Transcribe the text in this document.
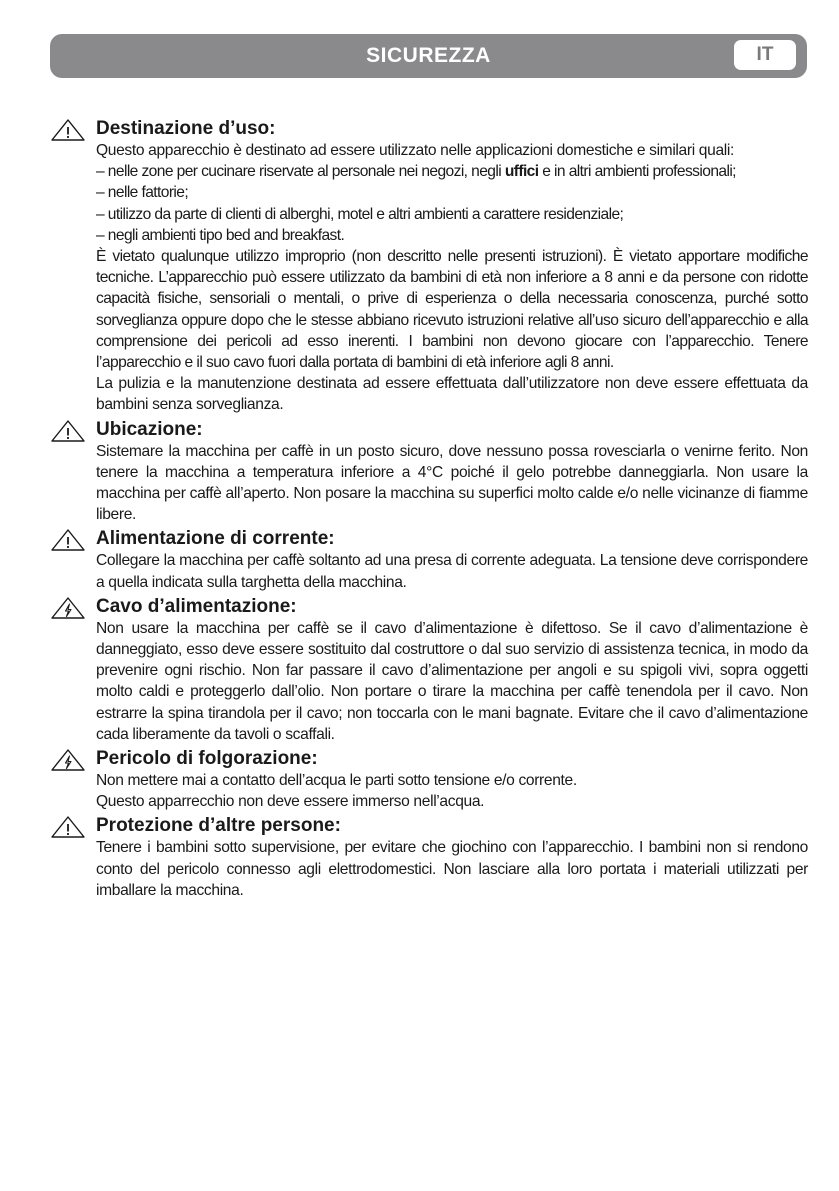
SICUREZZA	IT
Destinazione d’uso:

Questo apparecchio è destinato ad essere utilizzato nelle applicazioni domestiche e similari quali:

– nelle zone per cucinare riservate al personale nei negozi, negli uffici e in altri ambienti professionali;

– nelle fattorie;

– utilizzo da parte di clienti di alberghi, motel e altri ambienti a carattere residenziale;

– negli ambienti tipo bed and breakfast.

È vietato qualunque utilizzo improprio (non descritto nelle presenti istruzioni). È vietato apportare modifiche tecniche. L’apparecchio può essere utilizzato da bambini di età non inferiore a 8 anni e da persone con ridotte capacità fisiche, sensoriali o mentali, o prive di esperienza o della necessaria conoscenza, purché sotto sorveglianza oppure dopo che le stesse abbiano ricevuto istruzioni relative all’uso sicuro dell’apparecchio e alla comprensione dei pericoli ad esso inerenti. I bambini non devono giocare con l’apparecchio. Tenere l’apparecchio e il suo cavo fuori dalla portata di bambini di età inferiore agli 8 anni.

La pulizia e la manutenzione destinata ad essere effettuata dall’utilizzatore non deve essere effettuata da bambini senza sorveglianza.

Ubicazione:

Sistemare la macchina per caffè in un posto sicuro, dove nessuno possa rovesciarla o venirne ferito. Non tenere la macchina a temperatura inferiore a 4°C poiché il gelo potrebbe danneggiarla. Non usare la macchina per caffè all’aperto. Non posare la macchina su superfici molto calde e/o nelle vicinanze di fiamme libere.

Alimentazione di corrente:

Collegare la macchina per caffè soltanto ad una presa di corrente adeguata. La tensione deve corrispondere a quella indicata sulla targhetta della macchina.

Cavo d’alimentazione:

Non usare la macchina per caffè se il cavo d’alimentazione è difettoso. Se il cavo d’alimentazione è danneggiato, esso deve essere sostituito dal costruttore o dal suo servizio di assistenza tecnica, in modo da prevenire ogni rischio. Non far passare il cavo d’alimentazione per angoli e su spigoli vivi, sopra oggetti molto caldi e proteggerlo dall’olio. Non portare o tirare la macchina per caffè tenendola per il cavo. Non estrarre la spina tirandola per il cavo; non toccarla con le mani bagnate. Evitare che il cavo d’alimentazione cada liberamente da tavoli o scaffali.

Pericolo di folgorazione:

Non mettere mai a contatto dell’acqua le parti sotto tensione e/o corrente.

Questo apparrecchio non deve essere immerso nell’acqua.

Protezione d’altre persone:

Tenere i bambini sotto supervisione, per evitare che giochino con l’apparecchio. I bambini non si rendono conto del pericolo connesso agli elettrodomestici. Non lasciare alla loro portata i materiali utilizzati per imballare la macchina.
